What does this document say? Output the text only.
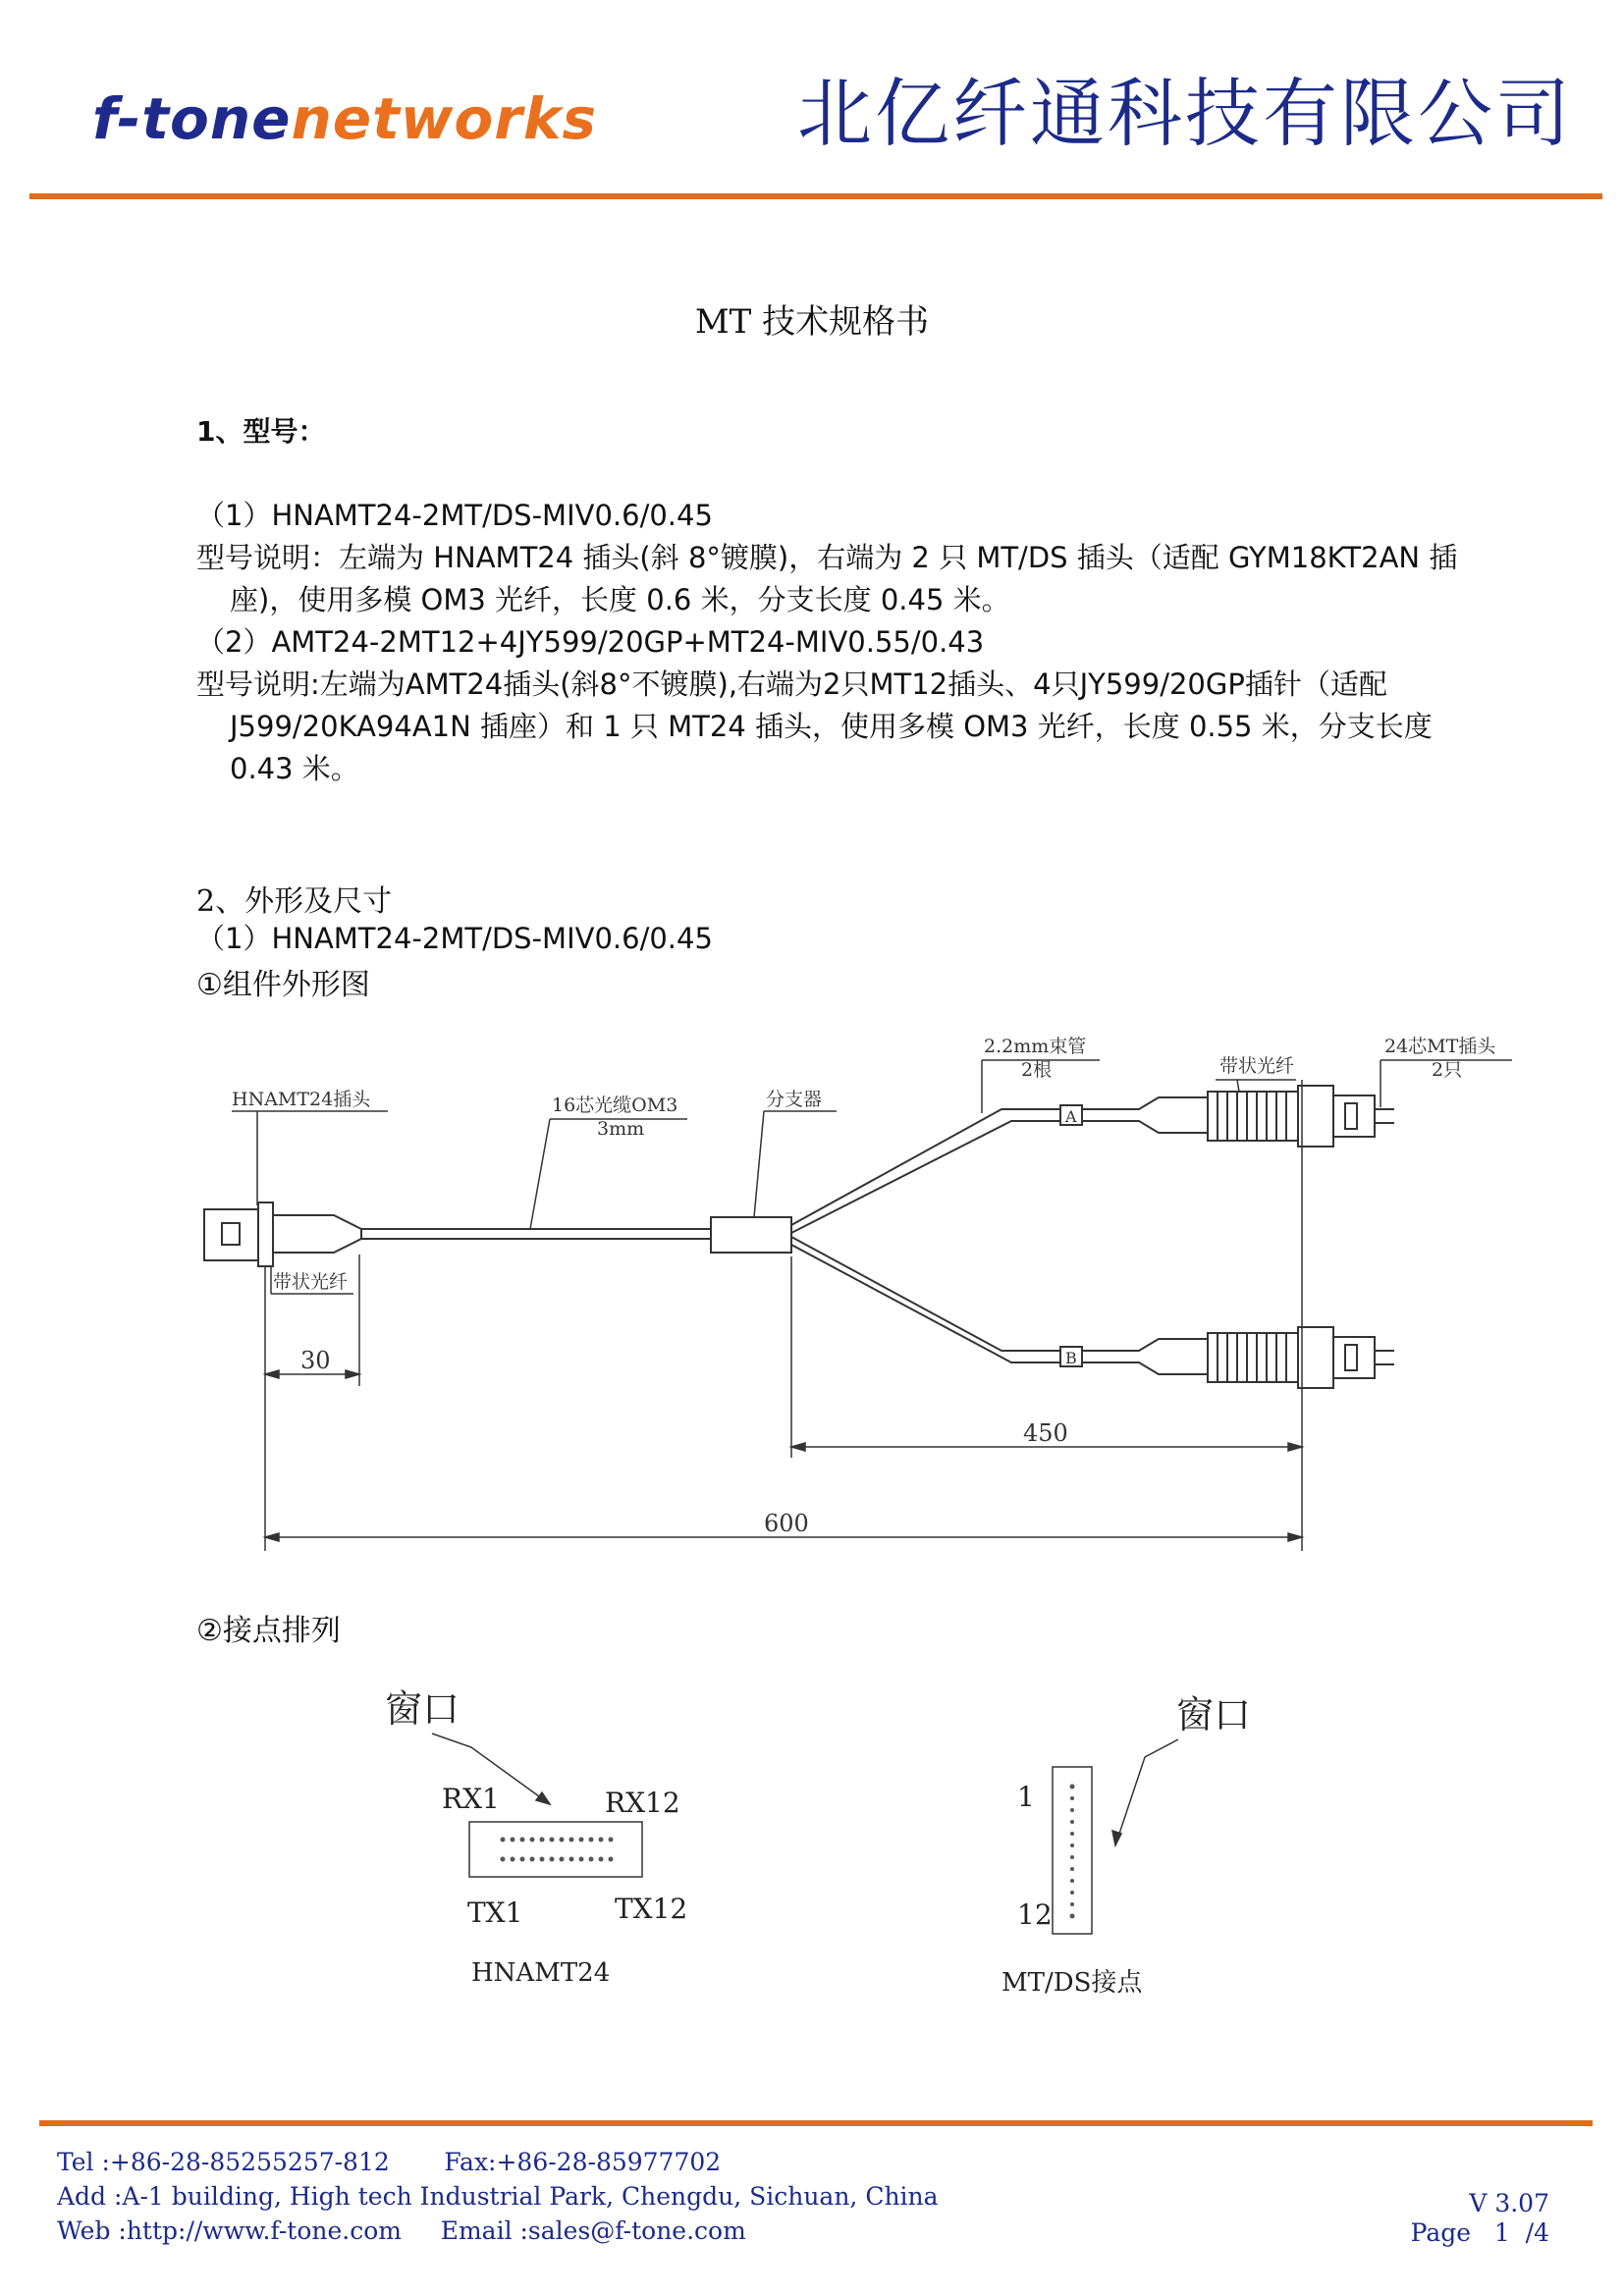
f-tonenetworks	北亿纤通科技有限公司
MT 技术规格书
1、型号：
（1）HNAMT24-2MT/DS-MIV0.6/0.45
型号说明：左端为 HNAMT24 插头(斜 8°镀膜)，右端为 2 只 MT/DS 插头（适配 GYM18KT2AN 插座)，使用多模 OM3 光纤，长度 0.6 米，分支长度 0.45 米。
（2）AMT24-2MT12+4JY599/20GP+MT24-MIV0.55/0.43
型号说明:左端为AMT24插头(斜8°不镀膜),右端为2只MT12插头、4只JY599/20GP插针（适配 J599/20KA94A1N 插座）和 1 只 MT24 插头，使用多模 OM3 光纤，长度 0.55 米，分支长度 0.43 米。
2、外形及尺寸
（1）HNAMT24-2MT/DS-MIV0.6/0.45
①组件外形图
HNAMT24插头	16芯光缆OM3
3mm
分支器
2.2mm束管
2根	带状光纤
24芯MT插头
2只
带状光纤
A
B
30
450
600
②接点排列
窗口
RX1	RX12
TX1	TX12
HNAMT24
窗口
1
12
MT/DS接点
Tel :+86-28-85255257-812       Fax:+86-28-85977702
Add :A-1 building, High tech Industrial Park, Chengdu, Sichuan, China
Web :http://www.f-tone.com     Email :sales@f-tone.com
V 3.07
Page   1  /4
